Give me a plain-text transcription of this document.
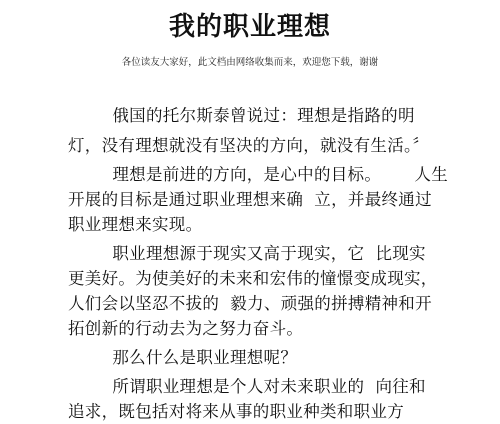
我的职业理想
各位读友大家好，此文档由网络收集而来，欢迎您下载，谢谢
俄国的托尔斯泰曾说过：理想是指路的明
灯，没有理想就没有坚决的方向，就没有生活。〞
理想是前进的方向，是心中的目标。      人生
开展的目标是通过职业理想来确  立，并最终通过
职业理想来实现。
职业理想源于现实又高于现实，它  比现实
更美好。为使美好的未来和宏伟的憧憬变成现实，
人们会以坚忍不拔的  毅力、顽强的拼搏精神和开
拓创新的行动去为之努力奋斗。
那么什么是职业理想呢？
所谓职业理想是个人对未来职业的  向往和
追求，既包括对将来从事的职业种类和职业方
